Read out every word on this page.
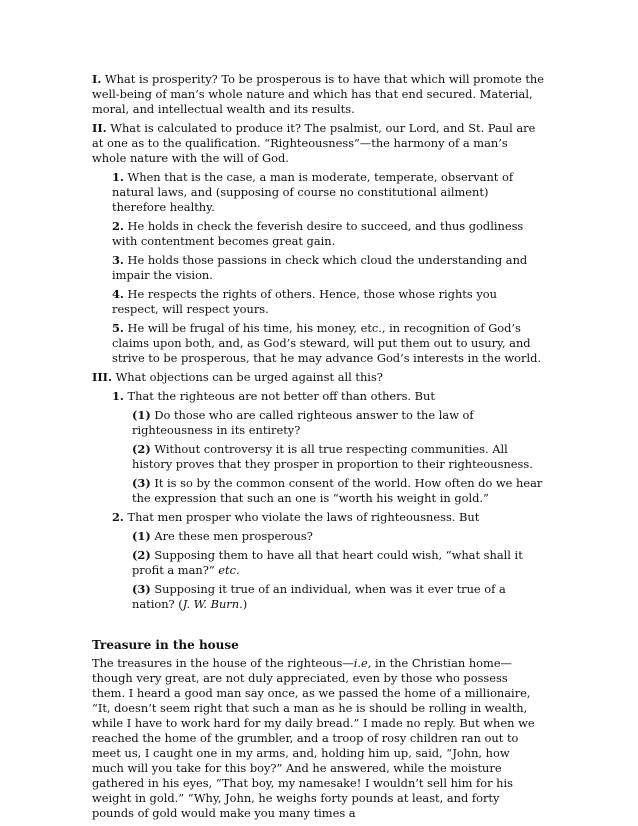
I. What is prosperity? To be prosperous is to have that which will promote the well-being of man’s whole nature and which has that end secured. Material, moral, and intellectual wealth and its results.

II. What is calculated to produce it? The psalmist, our Lord, and St. Paul are at one as to the qualification. “Righteousness”—the harmony of a man’s whole nature with the will of God.

1. When that is the case, a man is moderate, temperate, observant of natural laws, and (supposing of course no constitutional ailment) therefore healthy.

2. He holds in check the feverish desire to succeed, and thus godliness with contentment becomes great gain.

3. He holds those passions in check which cloud the understanding and impair the vision.

4. He respects the rights of others. Hence, those whose rights you respect, will respect yours.

5. He will be frugal of his time, his money, etc., in recognition of God’s claims upon both, and, as God’s steward, will put them out to usury, and strive to be prosperous, that he may advance God’s interests in the world.

III. What objections can be urged against all this?

1. That the righteous are not better off than others. But

(1) Do those who are called righteous answer to the law of righteousness in its entirety?

(2) Without controversy it is all true respecting communities. All history proves that they prosper in proportion to their righteousness.

(3) It is so by the common consent of the world. How often do we hear the expression that such an one is “worth his weight in gold.”

2. That men prosper who violate the laws of righteousness. But

(1) Are these men prosperous?

(2) Supposing them to have all that heart could wish, “what shall it profit a man?” etc.

(3) Supposing it true of an individual, when was it ever true of a nation? (J. W. Burn.)

Treasure in the house

The treasures in the house of the righteous—i.e, in the Christian home—though very great, are not duly appreciated, even by those who possess them. I heard a good man say once, as we passed the home of a millionaire, “It, doesn’t seem right that such a man as he is should be rolling in wealth, while I have to work hard for my daily bread.” I made no reply. But when we reached the home of the grumbler, and a troop of rosy children ran out to meet us, I caught one in my arms, and, holding him up, said, “John, how much will you take for this boy?” And he answered, while the moisture gathered in his eyes, “That boy, my namesake! I wouldn’t sell him for his weight in gold.” “Why, John, he weighs forty pounds at least, and forty pounds of gold would make you many times a
